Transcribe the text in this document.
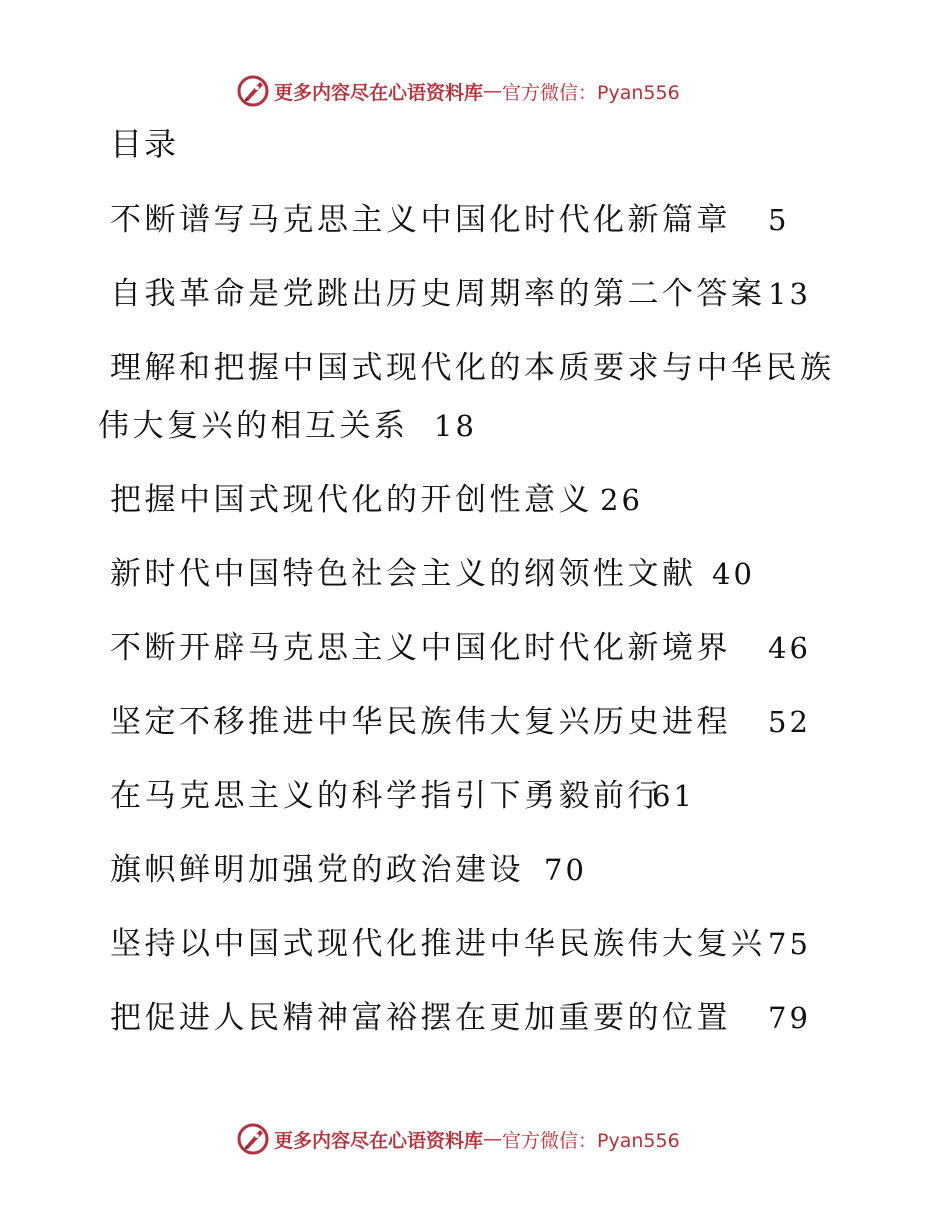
更多内容尽在心语资料库 — 官方微信：Pyan556
目录
不断谱写马克思主义中国化时代化新篇章 5
自我革命是党跳出历史周期率的第二个答案 13
理解和把握中国式现代化的本质要求与中华民族
伟大复兴的相互关系 18
把握中国式现代化的开创性意义 26
新时代中国特色社会主义的纲领性文献 40
不断开辟马克思主义中国化时代化新境界 46
坚定不移推进中华民族伟大复兴历史进程 52
在马克思主义的科学指引下勇毅前行
61
旗帜鲜明加强党的政治建设 70
坚持以中国式现代化推进中华民族伟大复兴 75
把促进人民精神富裕摆在更加重要的位置 79
更多内容尽在心语资料库 — 官方微信：Pyan556
